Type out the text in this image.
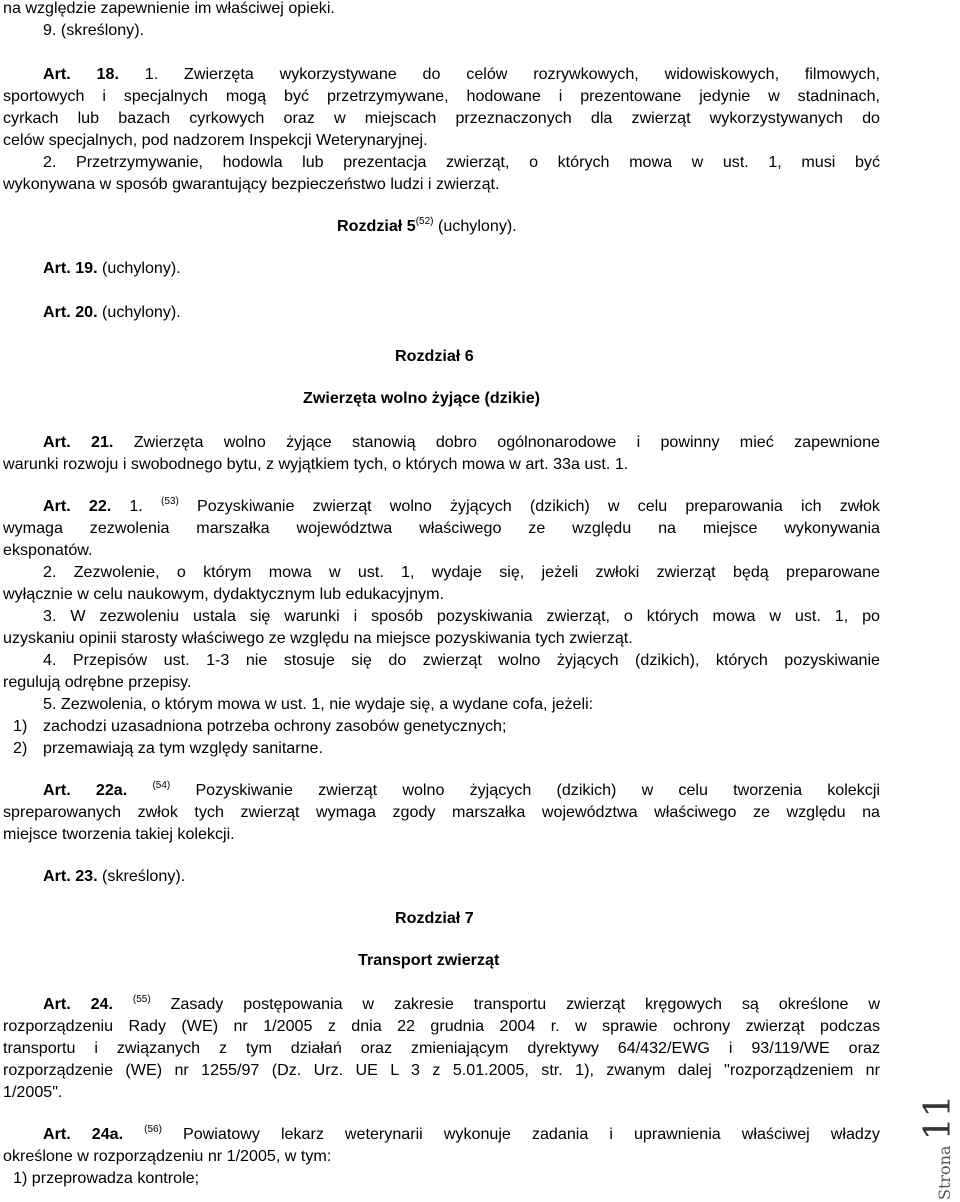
na względzie zapewnienie im właściwej opieki.
9. (skreślony).
Art. 18. 1. Zwierzęta wykorzystywane do celów rozrywkowych, widowiskowych, filmowych,
sportowych i specjalnych mogą być przetrzymywane, hodowane i prezentowane jedynie w stadninach,
cyrkach lub bazach cyrkowych oraz w miejscach przeznaczonych dla zwierząt wykorzystywanych do
celów specjalnych, pod nadzorem Inspekcji Weterynaryjnej.
2. Przetrzymywanie, hodowla lub prezentacja zwierząt, o których mowa w ust. 1, musi być
wykonywana w sposób gwarantujący bezpieczeństwo ludzi i zwierząt.
Rozdział 5$^{(52)}$ (uchylony).
Art. 19. (uchylony).
Art. 20. (uchylony).
Rozdział 6
Zwierzęta wolno żyjące (dzikie)
Art. 21. Zwierzęta wolno żyjące stanowią dobro ogólnonarodowe i powinny mieć zapewnione
warunki rozwoju i swobodnego bytu, z wyjątkiem tych, o których mowa w art. 33a ust. 1.
Art. 22. 1. $^{(53)}$ Pozyskiwanie zwierząt wolno żyjących (dzikich) w celu preparowania ich zwłok
wymaga zezwolenia marszałka województwa właściwego ze względu na miejsce wykonywania
eksponatów.
2. Zezwolenie, o którym mowa w ust. 1, wydaje się, jeżeli zwłoki zwierząt będą preparowane
wyłącznie w celu naukowym, dydaktycznym lub edukacyjnym.
3. W zezwoleniu ustala się warunki i sposób pozyskiwania zwierząt, o których mowa w ust. 1, po
uzyskaniu opinii starosty właściwego ze względu na miejsce pozyskiwania tych zwierząt.
4. Przepisów ust. 1-3 nie stosuje się do zwierząt wolno żyjących (dzikich), których pozyskiwanie
regulują odrębne przepisy.
5. Zezwolenia, o którym mowa w ust. 1, nie wydaje się, a wydane cofa, jeżeli:
1) zachodzi uzasadniona potrzeba ochrony zasobów genetycznych;
2) przemawiają za tym względy sanitarne.
Art. 22a.	$^{(54)}$ Pozyskiwanie zwierząt wolno żyjących (dzikich) w celu tworzenia kolekcji
spreparowanych zwłok tych zwierząt wymaga zgody marszałka województwa właściwego ze względu na
miejsce tworzenia takiej kolekcji.
Art. 23. (skreślony).
Rozdział 7
Transport zwierząt
Art. 24. $^{(55)}$ Zasady postępowania w zakresie transportu zwierząt kręgowych są określone w
rozporządzeniu Rady (WE) nr 1/2005 z dnia 22 grudnia 2004 r. w sprawie ochrony zwierząt podczas
transportu i związanych z tym działań oraz zmieniającym dyrektywy 64/432/EWG i 93/119/WE oraz
rozporządzenie (WE) nr 1255/97 (Dz. Urz. UE L 3 z 5.01.2005, str. 1), zwanym dalej "rozporządzeniem nr
1/2005".
Art. 24a. $^{(56)}$ Powiatowy lekarz weterynarii wykonuje zadania i uprawnienia właściwej władzy
określone w rozporządzeniu nr 1/2005, w tym:
1) przeprowadza kontrole;	Strona 11
